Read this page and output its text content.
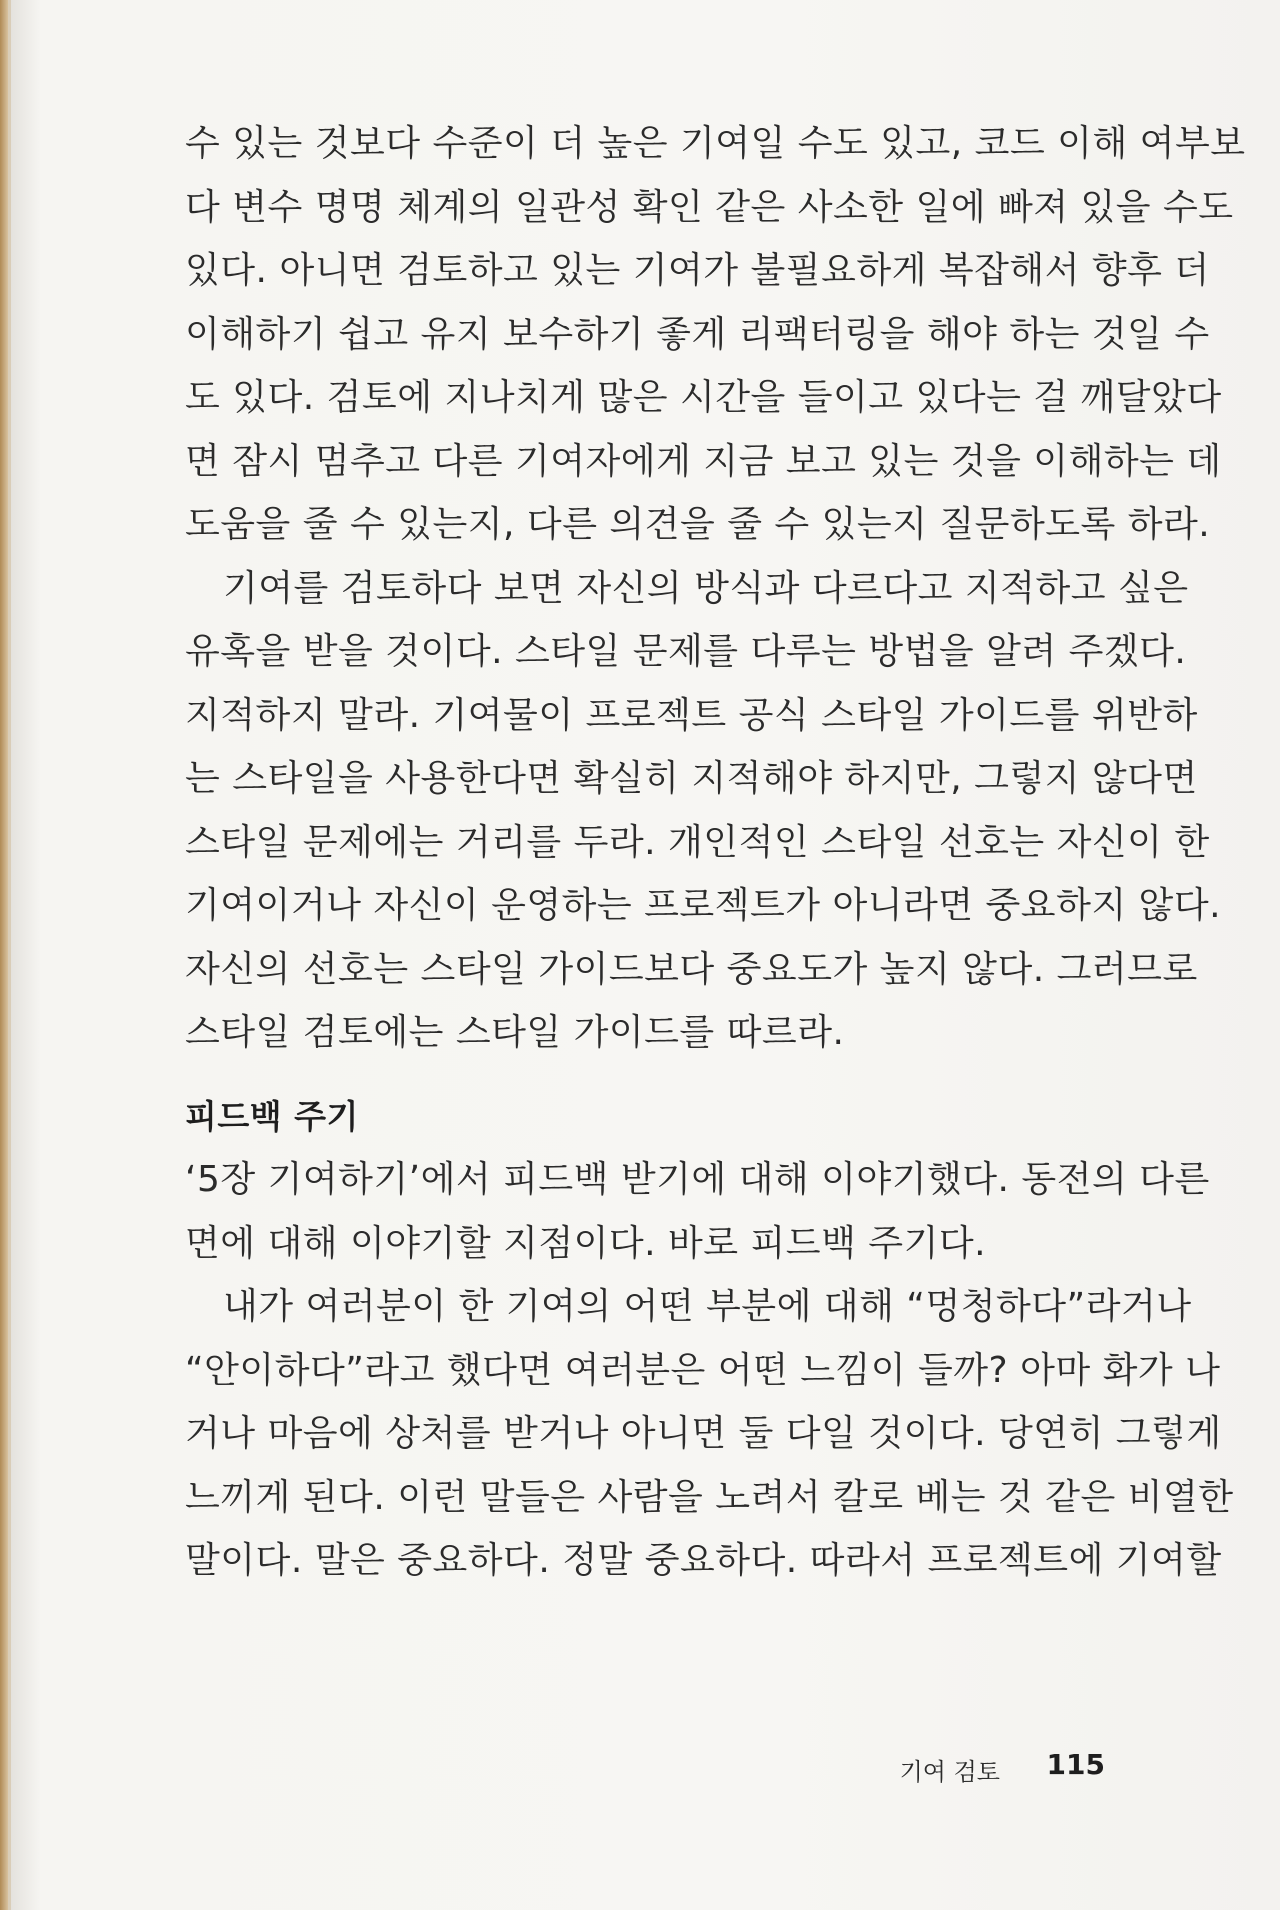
수 있는 것보다 수준이 더 높은 기여일 수도 있고, 코드 이해 여부보
다 변수 명명 체계의 일관성 확인 같은 사소한 일에 빠져 있을 수도
있다. 아니면 검토하고 있는 기여가 불필요하게 복잡해서 향후 더
이해하기 쉽고 유지 보수하기 좋게 리팩터링을 해야 하는 것일 수
도 있다. 검토에 지나치게 많은 시간을 들이고 있다는 걸 깨달았다
면 잠시 멈추고 다른 기여자에게 지금 보고 있는 것을 이해하는 데
도움을 줄 수 있는지, 다른 의견을 줄 수 있는지 질문하도록 하라.
기여를 검토하다 보면 자신의 방식과 다르다고 지적하고 싶은
유혹을 받을 것이다. 스타일 문제를 다루는 방법을 알려 주겠다.
지적하지 말라. 기여물이 프로젝트 공식 스타일 가이드를 위반하
는 스타일을 사용한다면 확실히 지적해야 하지만, 그렇지 않다면
스타일 문제에는 거리를 두라. 개인적인 스타일 선호는 자신이 한
기여이거나 자신이 운영하는 프로젝트가 아니라면 중요하지 않다.
자신의 선호는 스타일 가이드보다 중요도가 높지 않다. 그러므로
스타일 검토에는 스타일 가이드를 따르라.
피드백 주기
‘5장 기여하기’에서 피드백 받기에 대해 이야기했다. 동전의 다른
면에 대해 이야기할 지점이다. 바로 피드백 주기다.
내가 여러분이 한 기여의 어떤 부분에 대해 “멍청하다”라거나
“안이하다”라고 했다면 여러분은 어떤 느낌이 들까? 아마 화가 나
거나 마음에 상처를 받거나 아니면 둘 다일 것이다. 당연히 그렇게
느끼게 된다. 이런 말들은 사람을 노려서 칼로 베는 것 같은 비열한
말이다. 말은 중요하다. 정말 중요하다. 따라서 프로젝트에 기여할
기여 검토 115
